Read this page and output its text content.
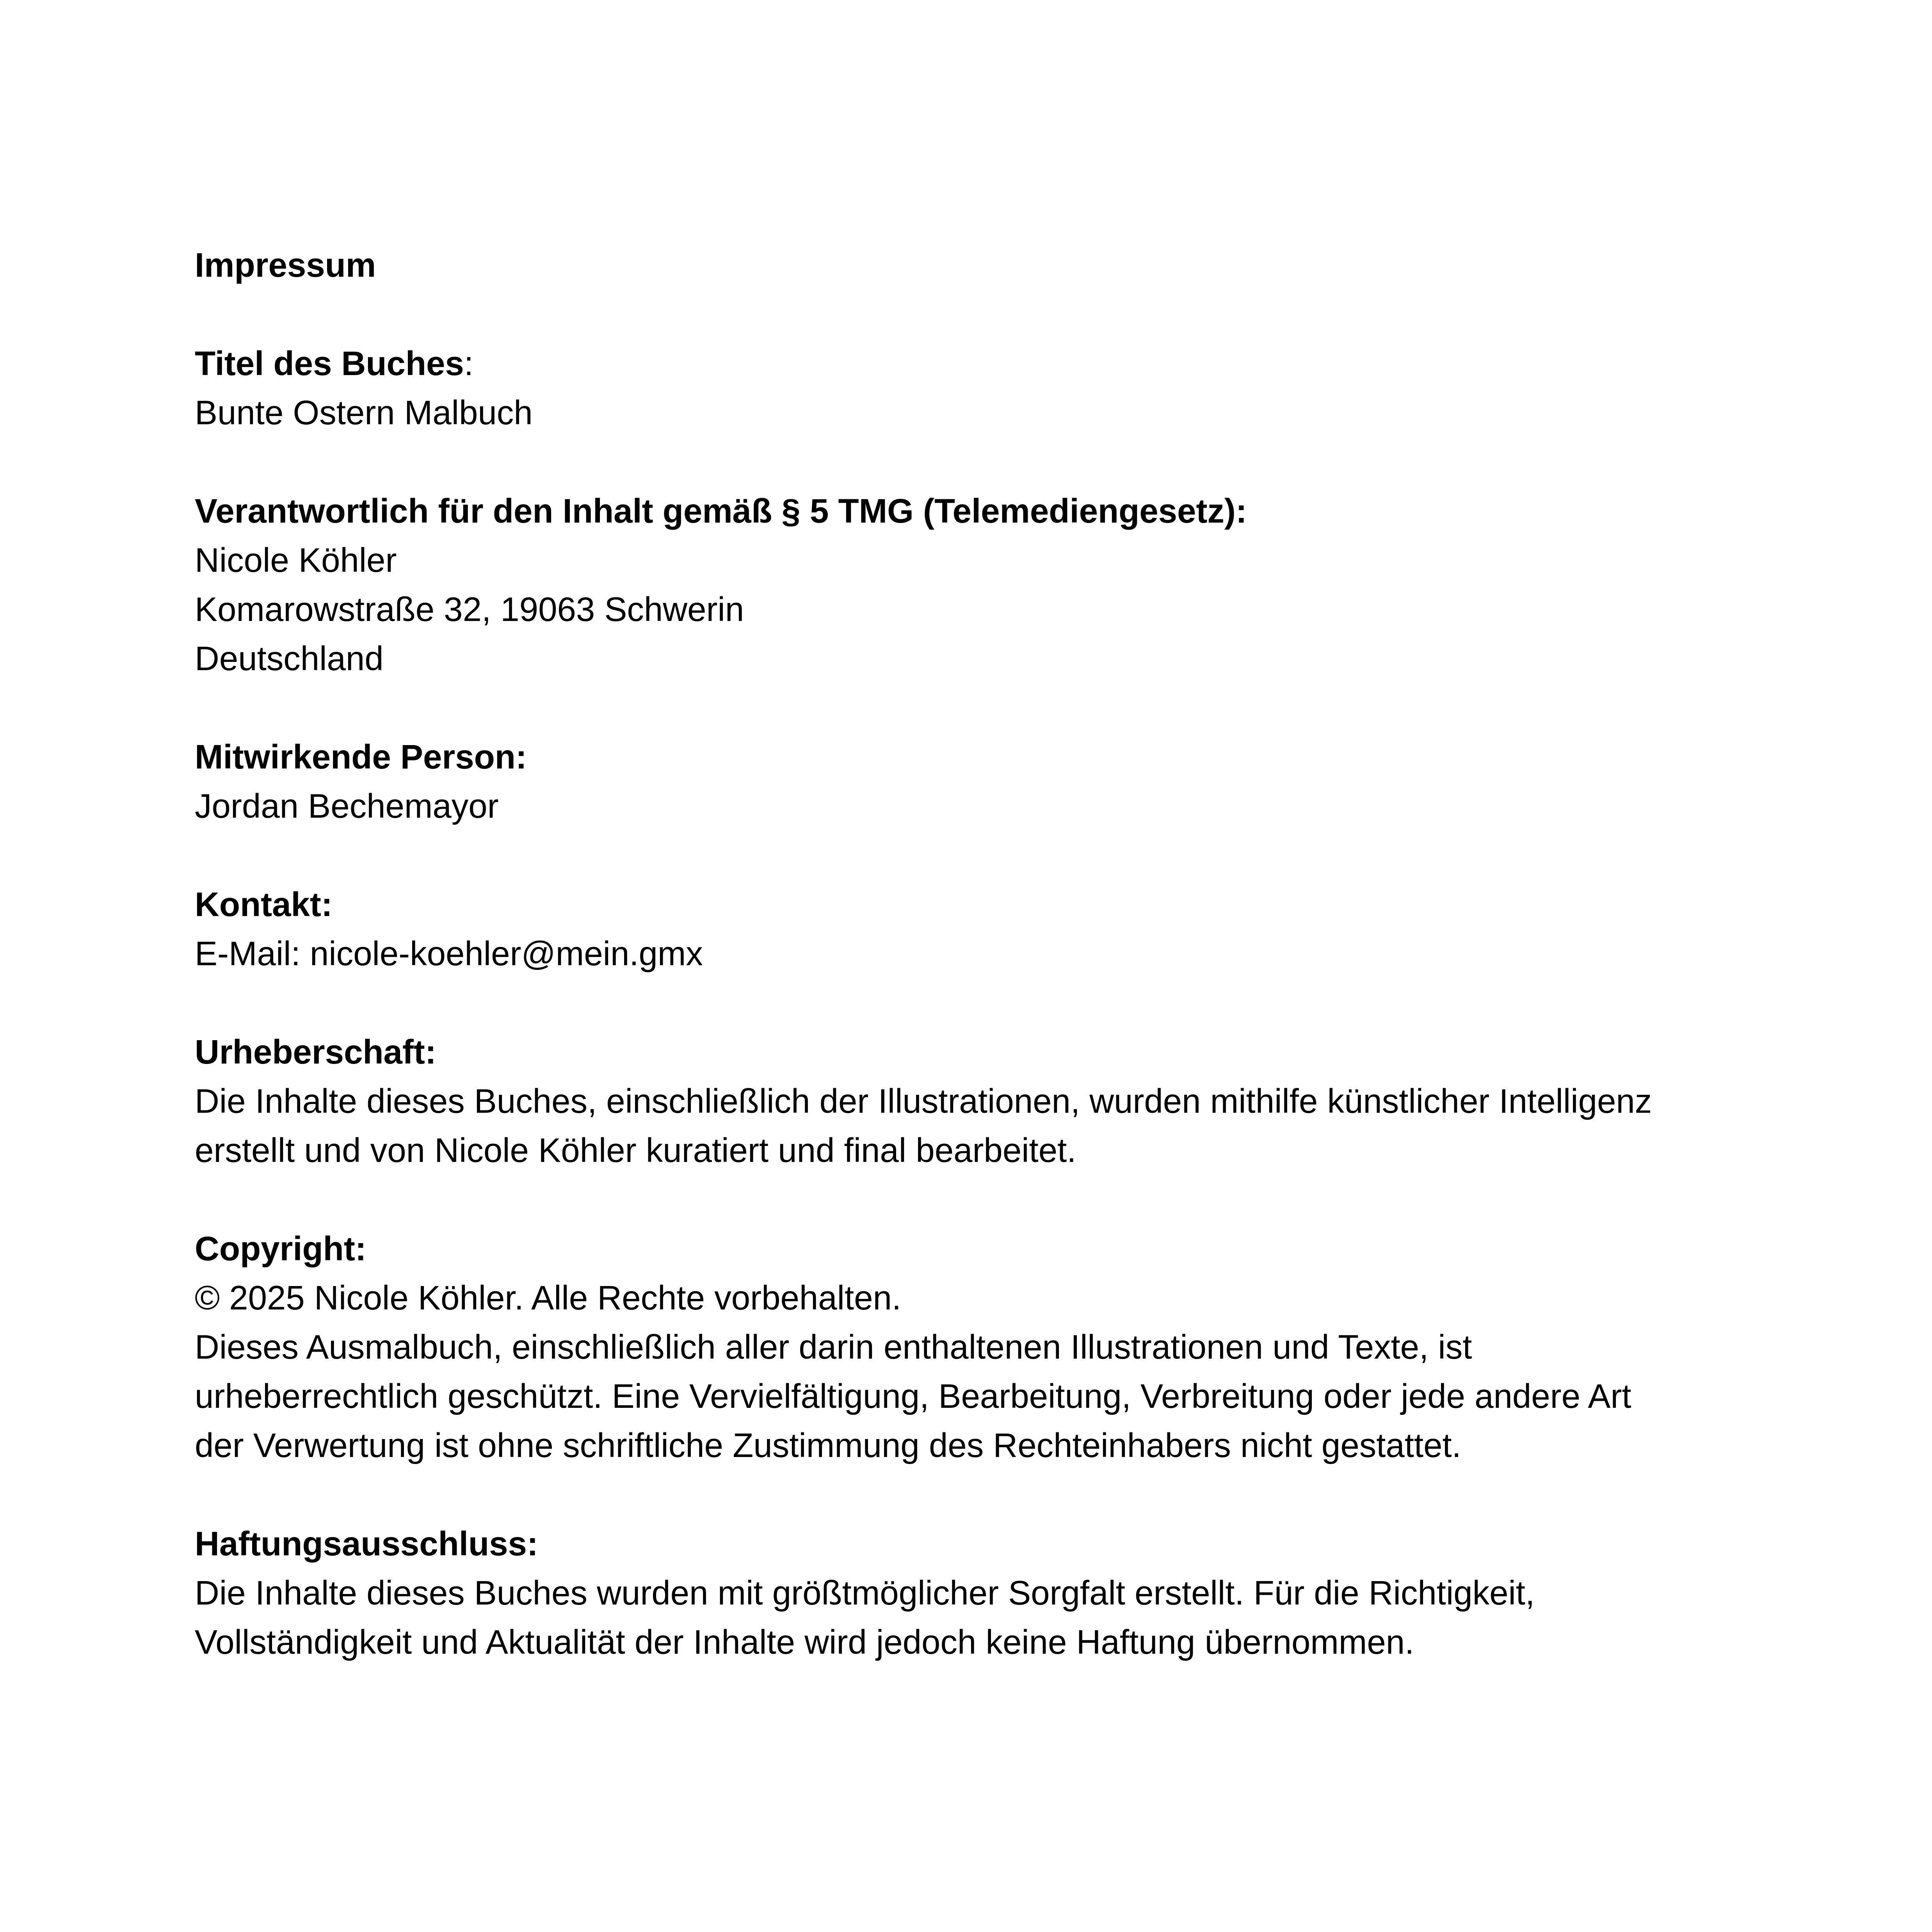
Impressum
Titel des Buches:
Bunte Ostern Malbuch
Verantwortlich für den Inhalt gemäß § 5 TMG (Telemediengesetz):
Nicole Köhler
Komarowstraße 32, 19063 Schwerin
Deutschland
Mitwirkende Person:
Jordan Bechemayor
Kontakt:
E-Mail: nicole-koehler@mein.gmx
Urheberschaft:
Die Inhalte dieses Buches, einschließlich der Illustrationen, wurden mithilfe künstlicher Intelligenz
erstellt und von Nicole Köhler kuratiert und final bearbeitet.
Copyright:
© 2025 Nicole Köhler. Alle Rechte vorbehalten.
Dieses Ausmalbuch, einschließlich aller darin enthaltenen Illustrationen und Texte, ist
urheberrechtlich geschützt. Eine Vervielfältigung, Bearbeitung, Verbreitung oder jede andere Art
der Verwertung ist ohne schriftliche Zustimmung des Rechteinhabers nicht gestattet.
Haftungsausschluss:
Die Inhalte dieses Buches wurden mit größtmöglicher Sorgfalt erstellt. Für die Richtigkeit,
Vollständigkeit und Aktualität der Inhalte wird jedoch keine Haftung übernommen.
